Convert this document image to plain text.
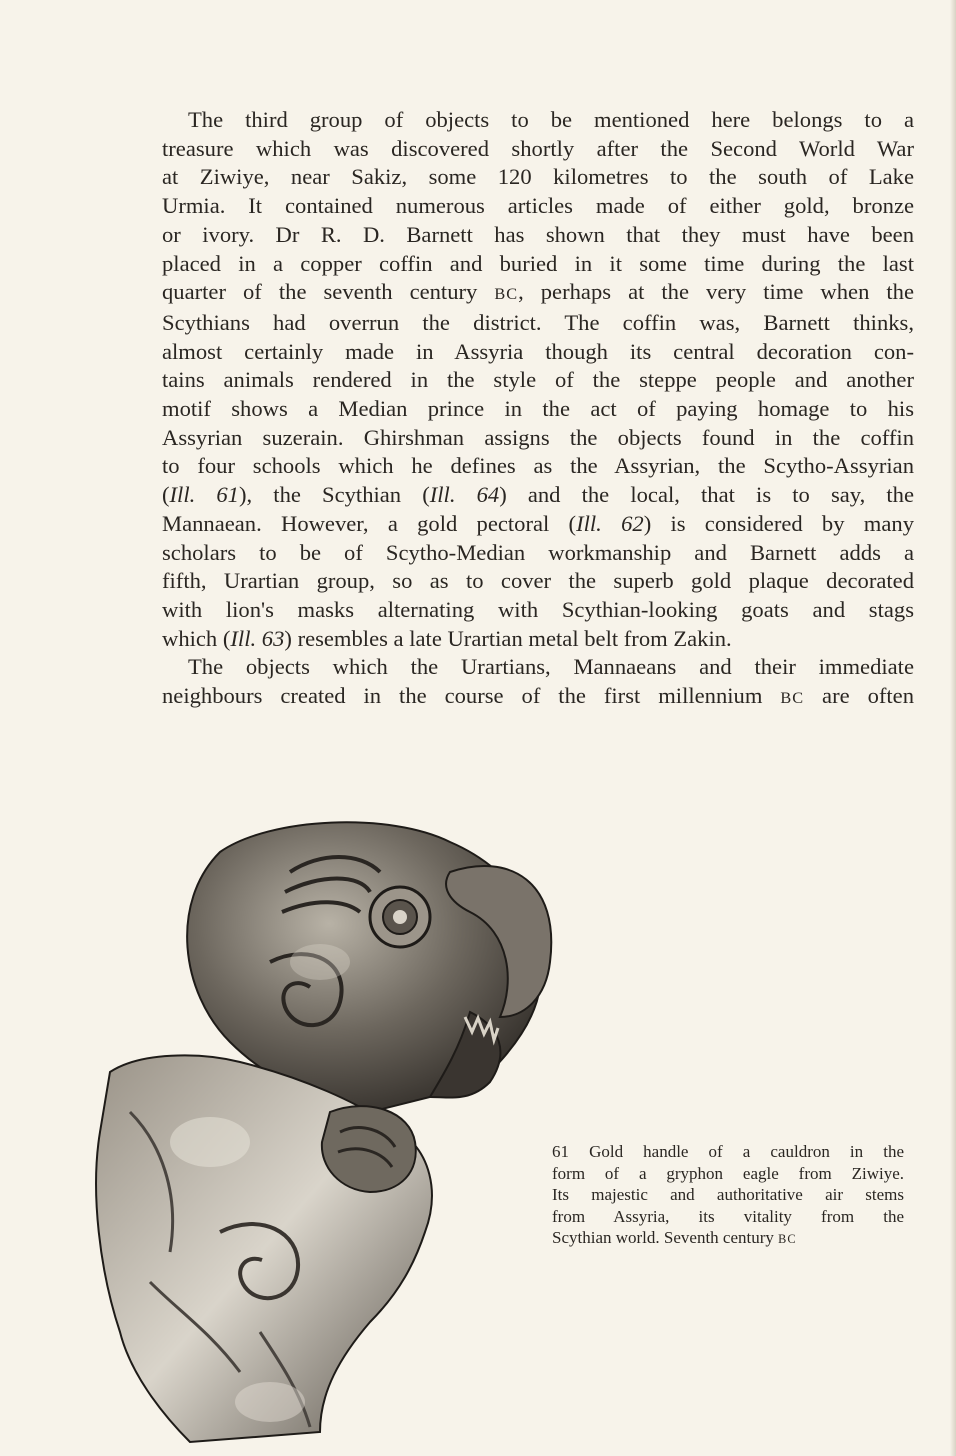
The third group of objects to be mentioned here belongs to a
treasure which was discovered shortly after the Second World War
at Ziwiye, near Sakiz, some 120 kilometres to the south of Lake
Urmia. It contained numerous articles made of either gold, bronze
or ivory. Dr R. D. Barnett has shown that they must have been
placed in a copper coffin and buried in it some time during the last
quarter of the seventh century BC, perhaps at the very time when the
Scythians had overrun the district. The coffin was, Barnett thinks,
almost certainly made in Assyria though its central decoration con-
tains animals rendered in the style of the steppe people and another
motif shows a Median prince in the act of paying homage to his
Assyrian suzerain. Ghirshman assigns the objects found in the coffin
to four schools which he defines as the Assyrian, the Scytho-Assyrian
(Ill. 61), the Scythian (Ill. 64) and the local, that is to say, the
Mannaean. However, a gold pectoral (Ill. 62) is considered by many
scholars to be of Scytho-Median workmanship and Barnett adds a
fifth, Urartian group, so as to cover the superb gold plaque decorated
with lion's masks alternating with Scythian-looking goats and stags
which (Ill. 63) resembles a late Urartian metal belt from Zakin.
The objects which the Urartians, Mannaeans and their immediate
neighbours created in the course of the first millennium BC are often
61 Gold handle of a cauldron in the
form of a gryphon eagle from Ziwiye.
Its majestic and authoritative air stems
from Assyria, its vitality from the
Scythian world. Seventh century BC
